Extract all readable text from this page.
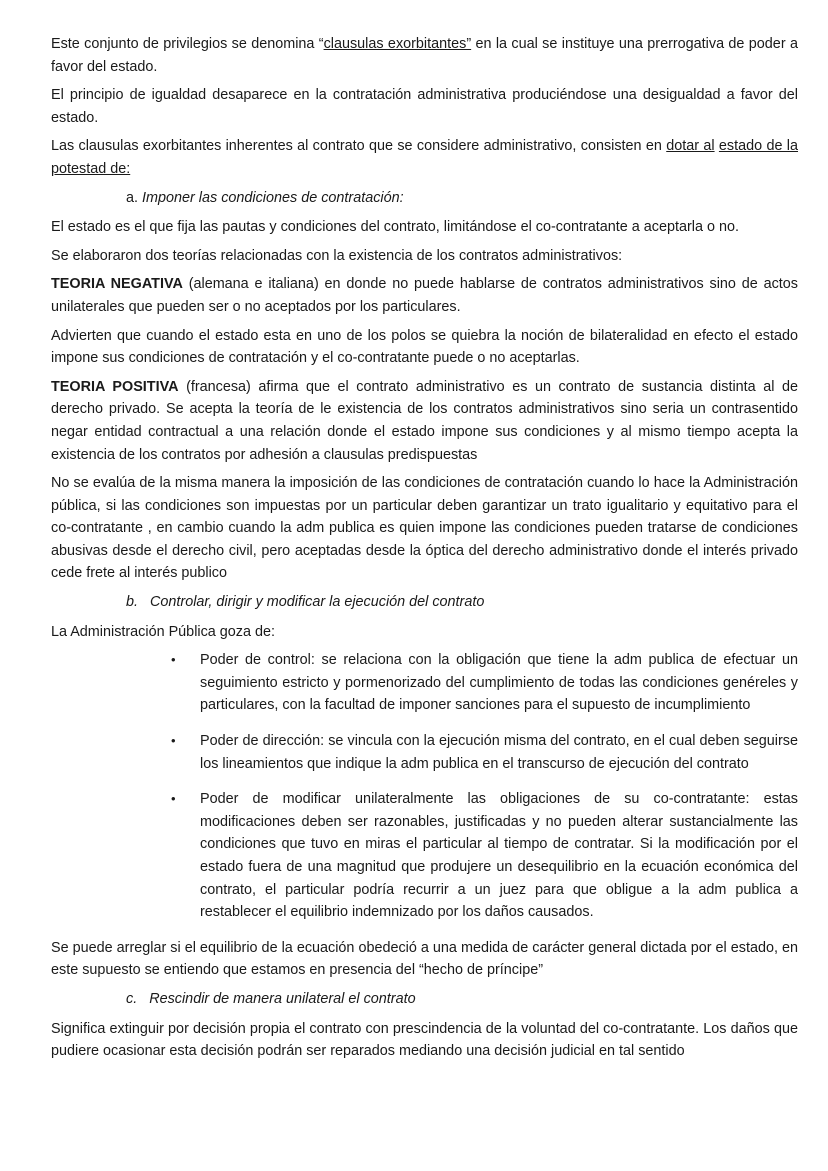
Este conjunto de privilegios se denomina “clausulas exorbitantes” en la cual se instituye una prerrogativa de poder a favor del estado.

El principio de igualdad desaparece en la contratación administrativa produciéndose una desigualdad a favor del estado.

Las clausulas exorbitantes inherentes al contrato que se considere administrativo, consisten en dotar al estado de la potestad de:

a. Imponer las condiciones de contratación:

El estado es el que fija las pautas y condiciones del contrato, limitándose el co-contratante a aceptarla o no.

Se elaboraron dos teorías relacionadas con la existencia de los contratos administrativos:

TEORIA NEGATIVA (alemana e italiana) en donde no puede hablarse de contratos administrativos sino de actos unilaterales que pueden ser o no aceptados por los particulares.

Advierten que cuando el estado esta en uno de los polos se quiebra la noción de bilateralidad en efecto el estado impone sus condiciones de contratación y el co-contratante puede o no aceptarlas.

TEORIA POSITIVA (francesa) afirma que el contrato administrativo es un contrato de sustancia distinta al de derecho privado. Se acepta la teoría de le existencia de los contratos administrativos sino seria un contrasentido negar entidad contractual a una relación donde el estado impone sus condiciones y al mismo tiempo acepta la existencia de los contratos por adhesión a clausulas predispuestas

No se evalúa de la misma manera la imposición de las condiciones de contratación cuando lo hace la Administración pública, si las condiciones son impuestas por un particular deben garantizar un trato igualitario y equitativo para el co-contratante , en cambio cuando la adm publica es quien impone las condiciones pueden tratarse de condiciones abusivas desde el derecho civil, pero aceptadas desde la óptica del derecho administrativo donde el interés privado cede frete al interés publico

b. Controlar, dirigir y modificar la ejecución del contrato

La Administración Pública goza de:

• Poder de control: se relaciona con la obligación que tiene la adm publica de efectuar un seguimiento estricto y pormenorizado del cumplimiento de todas las condiciones genéreles y particulares, con la facultad de imponer sanciones para el supuesto de incumplimiento
• Poder de dirección: se vincula con la ejecución misma del contrato, en el cual deben seguirse los lineamientos que indique la adm publica en el transcurso de ejecución del contrato
• Poder de modificar unilateralmente las obligaciones de su co-contratante: estas modificaciones deben ser razonables, justificadas y no pueden alterar sustancialmente las condiciones que tuvo en miras el particular al tiempo de contratar. Si la modificación por el estado fuera de una magnitud que produjere un desequilibrio en la ecuación económica del contrato, el particular podría recurrir a un juez para que obligue a la adm publica a restablecer el equilibrio indemnizado por los daños causados.

Se puede arreglar si el equilibrio de la ecuación obedeció a una medida de carácter general dictada por el estado, en este supuesto se entiendo que estamos en presencia del “hecho de príncipe”

c. Rescindir de manera unilateral el contrato

Significa extinguir por decisión propia el contrato con prescindencia de la voluntad del co-contratante. Los daños que pudiere ocasionar esta decisión podrán ser reparados mediando una decisión judicial en tal sentido
